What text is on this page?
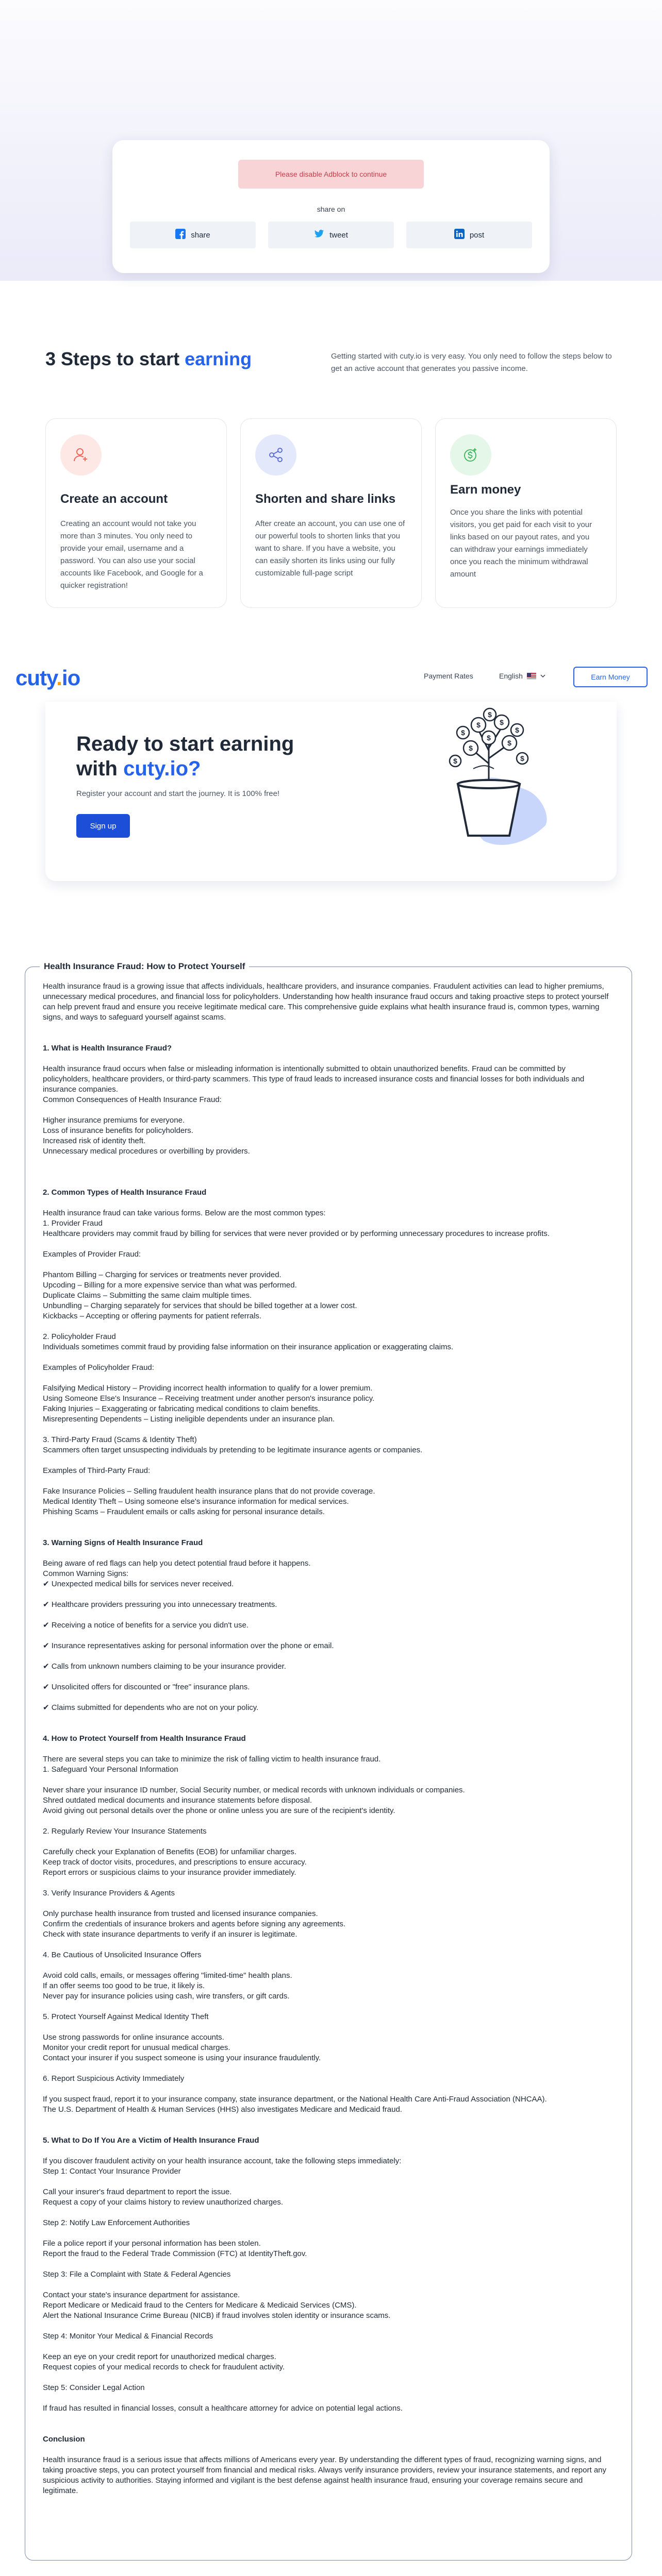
Please disable Adblock to continue
share on
share	tweet	post
3 Steps to start earning	Getting started with cuty.io is very easy. You only need to follow the steps below to get an active account that generates you passive income.

Create an account

Creating an account would not take you more than 3 minutes. You only need to provide your email, username and a password. You can also use your social accounts like Facebook, and Google for a quicker registration!

Shorten and share links

After create an account, you can use one of our powerful tools to shorten links that you want to share. If you have a website, you can easily shorten its links using our fully customizable full-page script

Earn money

Once you share the links with potential visitors, you get paid for each visit to your links based on our payout rates, and you can withdraw your earnings immediately once you reach the minimum withdrawal amount

cuty.io	Payment Rates	English	Earn Money
Ready to start earning
with cuty.io?

Register your account and start the journey. It is 100% free!

Sign up
$
$
$	$
$
$	$
$
$	$
Health Insurance Fraud: How to Protect Yourself

Health insurance fraud is a growing issue that affects individuals, healthcare providers, and insurance companies. Fraudulent activities can lead to higher premiums, unnecessary medical procedures, and financial loss for policyholders. Understanding how health insurance fraud occurs and taking proactive steps to protect yourself can help prevent fraud and ensure you receive legitimate medical care. This comprehensive guide explains what health insurance fraud is, common types, warning signs, and ways to safeguard yourself against scams.

1. What is Health Insurance Fraud?

Health insurance fraud occurs when false or misleading information is intentionally submitted to obtain unauthorized benefits. Fraud can be committed by policyholders, healthcare providers, or third-party scammers. This type of fraud leads to increased insurance costs and financial losses for both individuals and insurance companies.

Common Consequences of Health Insurance Fraud:

Higher insurance premiums for everyone.

Loss of insurance benefits for policyholders.

Increased risk of identity theft.

Unnecessary medical procedures or overbilling by providers.

2. Common Types of Health Insurance Fraud

Health insurance fraud can take various forms. Below are the most common types:

1. Provider Fraud

Healthcare providers may commit fraud by billing for services that were never provided or by performing unnecessary procedures to increase profits.

Examples of Provider Fraud:

Phantom Billing – Charging for services or treatments never provided.

Upcoding – Billing for a more expensive service than what was performed.

Duplicate Claims – Submitting the same claim multiple times.

Unbundling – Charging separately for services that should be billed together at a lower cost.

Kickbacks – Accepting or offering payments for patient referrals.

2. Policyholder Fraud

Individuals sometimes commit fraud by providing false information on their insurance application or exaggerating claims.

Examples of Policyholder Fraud:

Falsifying Medical History – Providing incorrect health information to qualify for a lower premium.

Using Someone Else's Insurance – Receiving treatment under another person's insurance policy.

Faking Injuries – Exaggerating or fabricating medical conditions to claim benefits.

Misrepresenting Dependents – Listing ineligible dependents under an insurance plan.

3. Third-Party Fraud (Scams & Identity Theft)

Scammers often target unsuspecting individuals by pretending to be legitimate insurance agents or companies.

Examples of Third-Party Fraud:

Fake Insurance Policies – Selling fraudulent health insurance plans that do not provide coverage.

Medical Identity Theft – Using someone else's insurance information for medical services.

Phishing Scams – Fraudulent emails or calls asking for personal insurance details.

3. Warning Signs of Health Insurance Fraud

Being aware of red flags can help you detect potential fraud before it happens.

Common Warning Signs:

✔ Unexpected medical bills for services never received.

✔ Healthcare providers pressuring you into unnecessary treatments.

✔ Receiving a notice of benefits for a service you didn't use.

✔ Insurance representatives asking for personal information over the phone or email.

✔ Calls from unknown numbers claiming to be your insurance provider.

✔ Unsolicited offers for discounted or "free" insurance plans.

✔ Claims submitted for dependents who are not on your policy.

4. How to Protect Yourself from Health Insurance Fraud

There are several steps you can take to minimize the risk of falling victim to health insurance fraud.

1. Safeguard Your Personal Information

Never share your insurance ID number, Social Security number, or medical records with unknown individuals or companies.

Shred outdated medical documents and insurance statements before disposal.

Avoid giving out personal details over the phone or online unless you are sure of the recipient's identity.

2. Regularly Review Your Insurance Statements

Carefully check your Explanation of Benefits (EOB) for unfamiliar charges.

Keep track of doctor visits, procedures, and prescriptions to ensure accuracy.

Report errors or suspicious claims to your insurance provider immediately.

3. Verify Insurance Providers & Agents

Only purchase health insurance from trusted and licensed insurance companies.

Confirm the credentials of insurance brokers and agents before signing any agreements.

Check with state insurance departments to verify if an insurer is legitimate.

4. Be Cautious of Unsolicited Insurance Offers

Avoid cold calls, emails, or messages offering "limited-time" health plans.

If an offer seems too good to be true, it likely is.

Never pay for insurance policies using cash, wire transfers, or gift cards.

5. Protect Yourself Against Medical Identity Theft

Use strong passwords for online insurance accounts.

Monitor your credit report for unusual medical charges.

Contact your insurer if you suspect someone is using your insurance fraudulently.

6. Report Suspicious Activity Immediately

If you suspect fraud, report it to your insurance company, state insurance department, or the National Health Care Anti-Fraud Association (NHCAA).

The U.S. Department of Health & Human Services (HHS) also investigates Medicare and Medicaid fraud.

5. What to Do If You Are a Victim of Health Insurance Fraud

If you discover fraudulent activity on your health insurance account, take the following steps immediately:

Step 1: Contact Your Insurance Provider

Call your insurer's fraud department to report the issue.

Request a copy of your claims history to review unauthorized charges.

Step 2: Notify Law Enforcement Authorities

File a police report if your personal information has been stolen.

Report the fraud to the Federal Trade Commission (FTC) at IdentityTheft.gov.

Step 3: File a Complaint with State & Federal Agencies

Contact your state's insurance department for assistance.

Report Medicare or Medicaid fraud to the Centers for Medicare & Medicaid Services (CMS).

Alert the National Insurance Crime Bureau (NICB) if fraud involves stolen identity or insurance scams.

Step 4: Monitor Your Medical & Financial Records

Keep an eye on your credit report for unauthorized medical charges.

Request copies of your medical records to check for fraudulent activity.

Step 5: Consider Legal Action

If fraud has resulted in financial losses, consult a healthcare attorney for advice on potential legal actions.

Conclusion

Health insurance fraud is a serious issue that affects millions of Americans every year. By understanding the different types of fraud, recognizing warning signs, and taking proactive steps, you can protect yourself from financial and medical risks. Always verify insurance providers, review your insurance statements, and report any suspicious activity to authorities. Staying informed and vigilant is the best defense against health insurance fraud, ensuring your coverage remains secure and legitimate.
